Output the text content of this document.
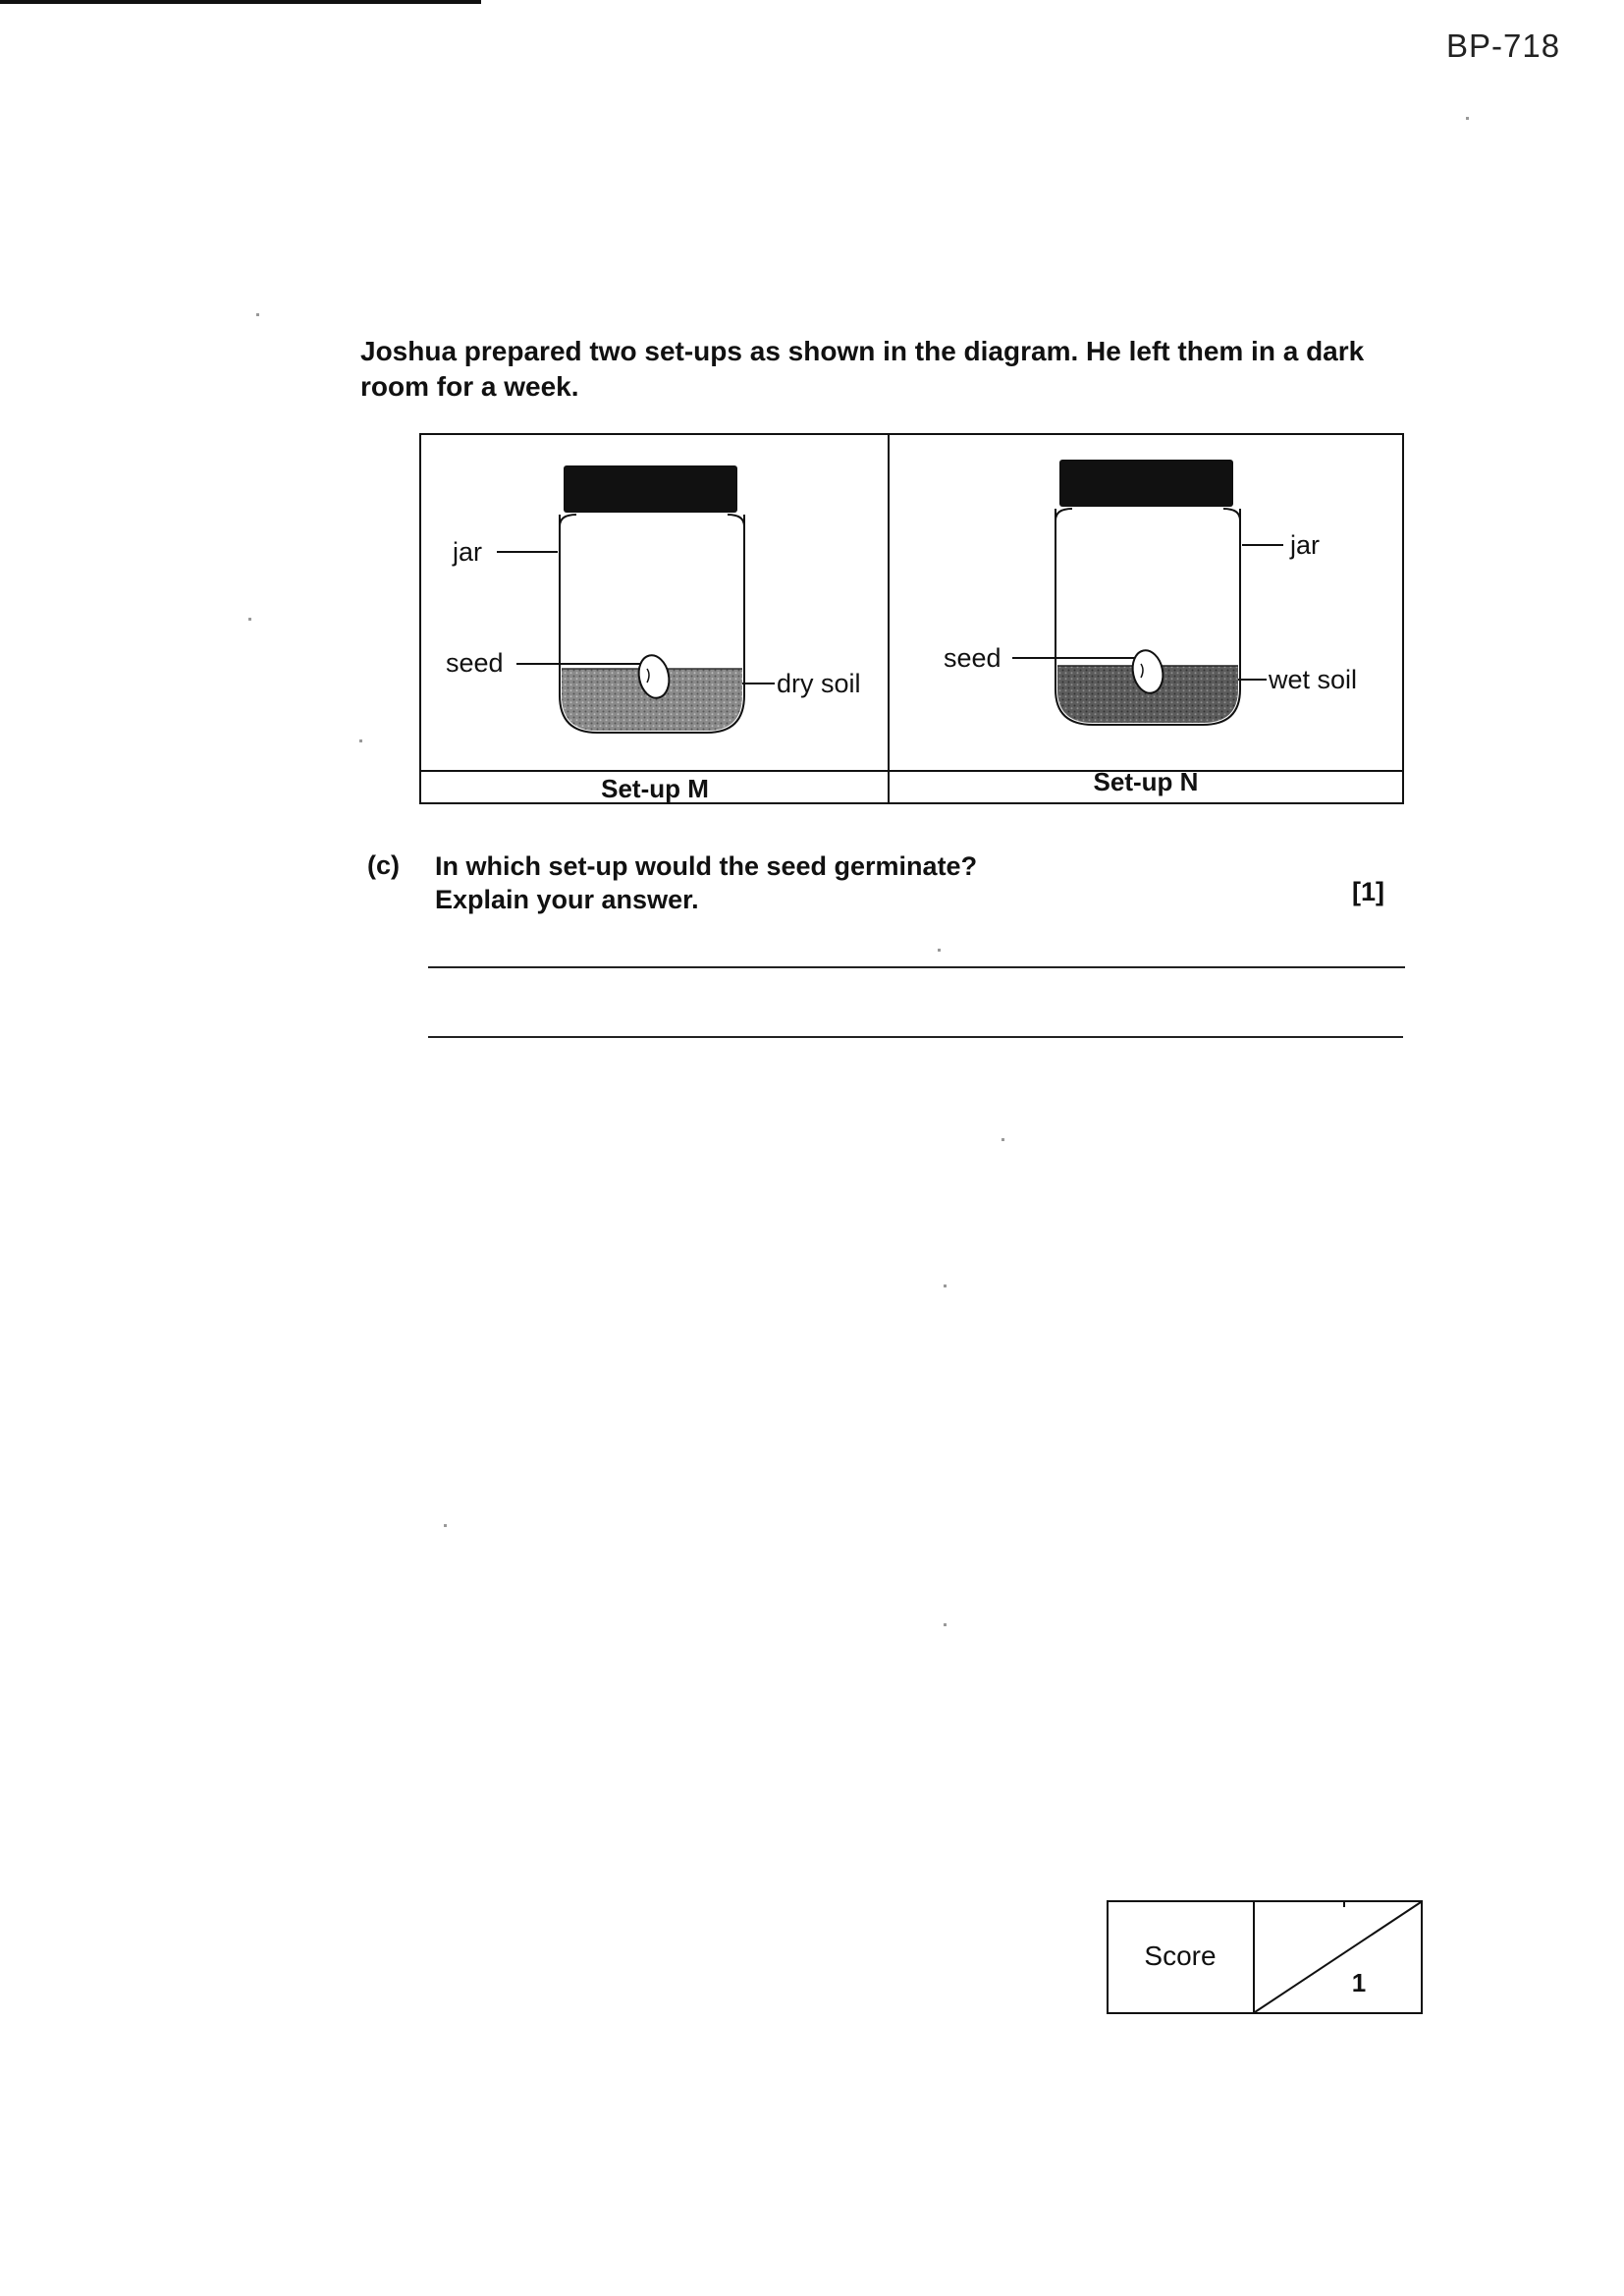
BP-718
Joshua prepared two set-ups as shown in the diagram. He left them in a dark room for a week.
jar
seed
dry soil
Set-up M
jar
seed
wet soil
Set-up N
(c) In which set-up would the seed germinate?
Explain your answer.	[1]
Score
1
